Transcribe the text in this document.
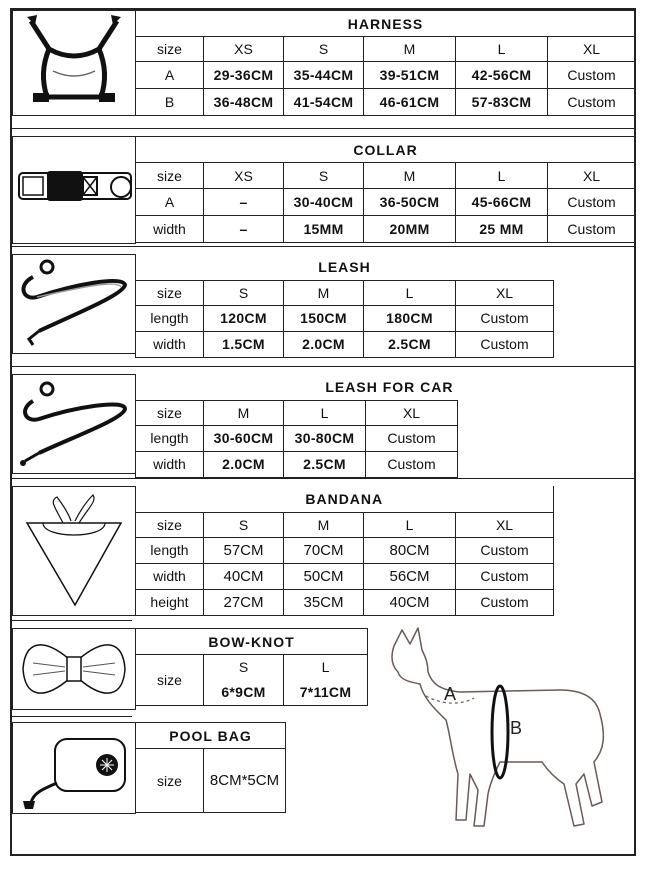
HARNESS					
size	XS	S	M	L	XL
A	29-36CM	35-44CM	39-51CM	42-56CM	Custom
B	36-48CM	41-54CM	46-61CM	57-83CM	Custom
COLLAR					
size	XS	S	M	L	XL
A	–	30-40CM	36-50CM	45-66CM	Custom
width	–	15MM	20MM	25 MM	Custom
LEASH				
size	S	M	L	XL
length	120CM	150CM	180CM	Custom
width	1.5CM	2.0CM	2.5CM	Custom
LEASH FOR CAR			
size	M	L	XL
length	30-60CM	30-80CM	Custom
width	2.0CM	2.5CM	Custom
BANDANA				
size	S	M	L	XL
length	57CM	70CM	80CM	Custom
width	40CM	50CM	56CM	Custom
height	27CM	35CM	40CM	Custom
BOW-KNOT		
size	S	L
	6*9CM	7*11CM
POOL BAG
size	8CM*5CM
A
B
